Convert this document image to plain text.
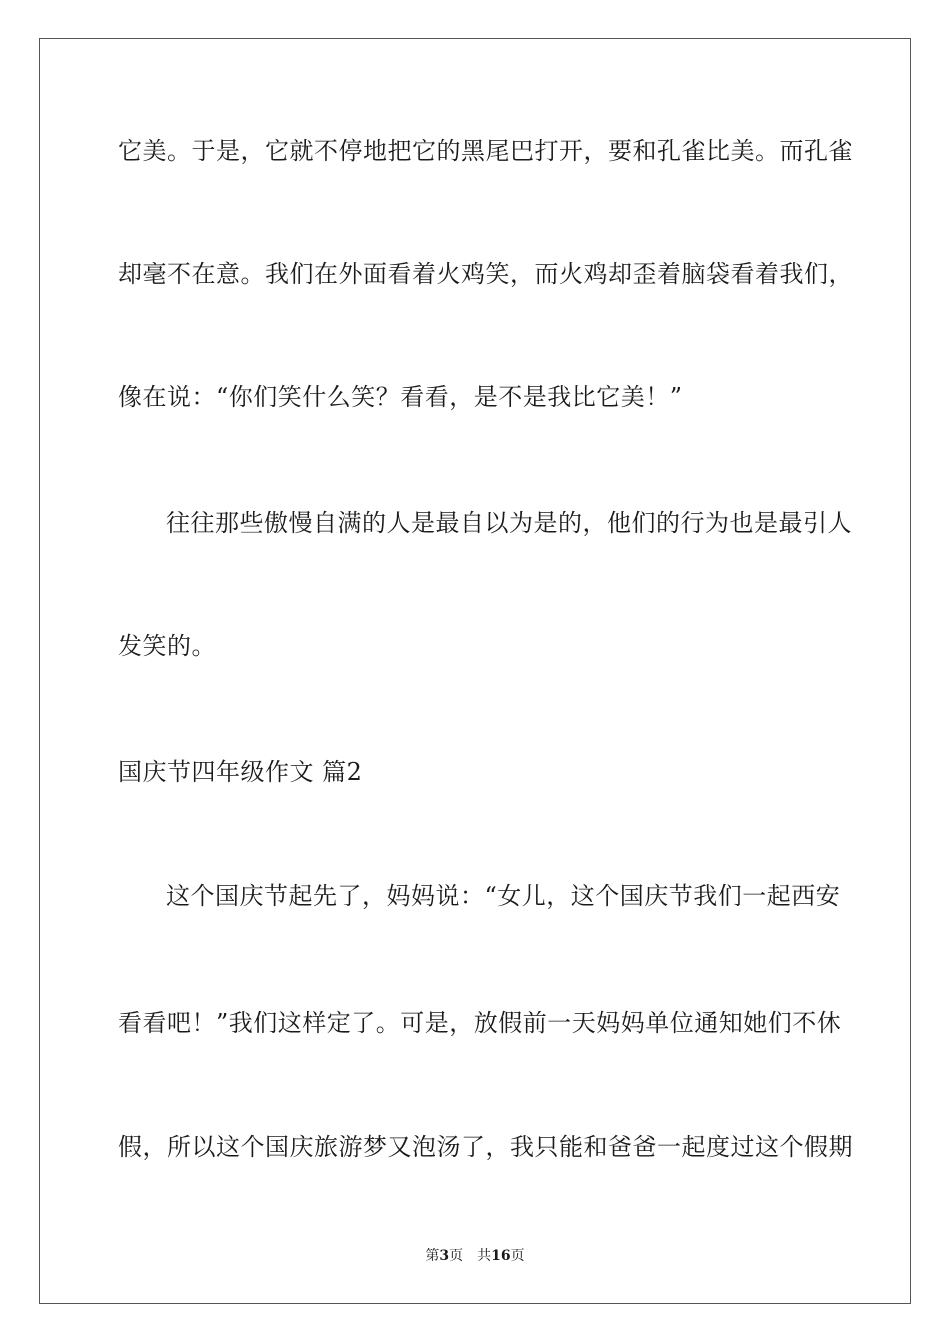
它美。于是，它就不停地把它的黑尾巴打开，要和孔雀比美。而孔雀
却毫不在意。我们在外面看着火鸡笑，而火鸡却歪着脑袋看着我们，
像在说：“你们笑什么笑？看看，是不是我比它美！”
往往那些傲慢自满的人是最自以为是的，他们的行为也是最引人
发笑的。
国庆节四年级作文 篇2
这个国庆节起先了，妈妈说：“女儿，这个国庆节我们一起西安
看看吧！”我们这样定了。可是，放假前一天妈妈单位通知她们不休
假，所以这个国庆旅游梦又泡汤了，我只能和爸爸一起度过这个假期
第3页 共16页
